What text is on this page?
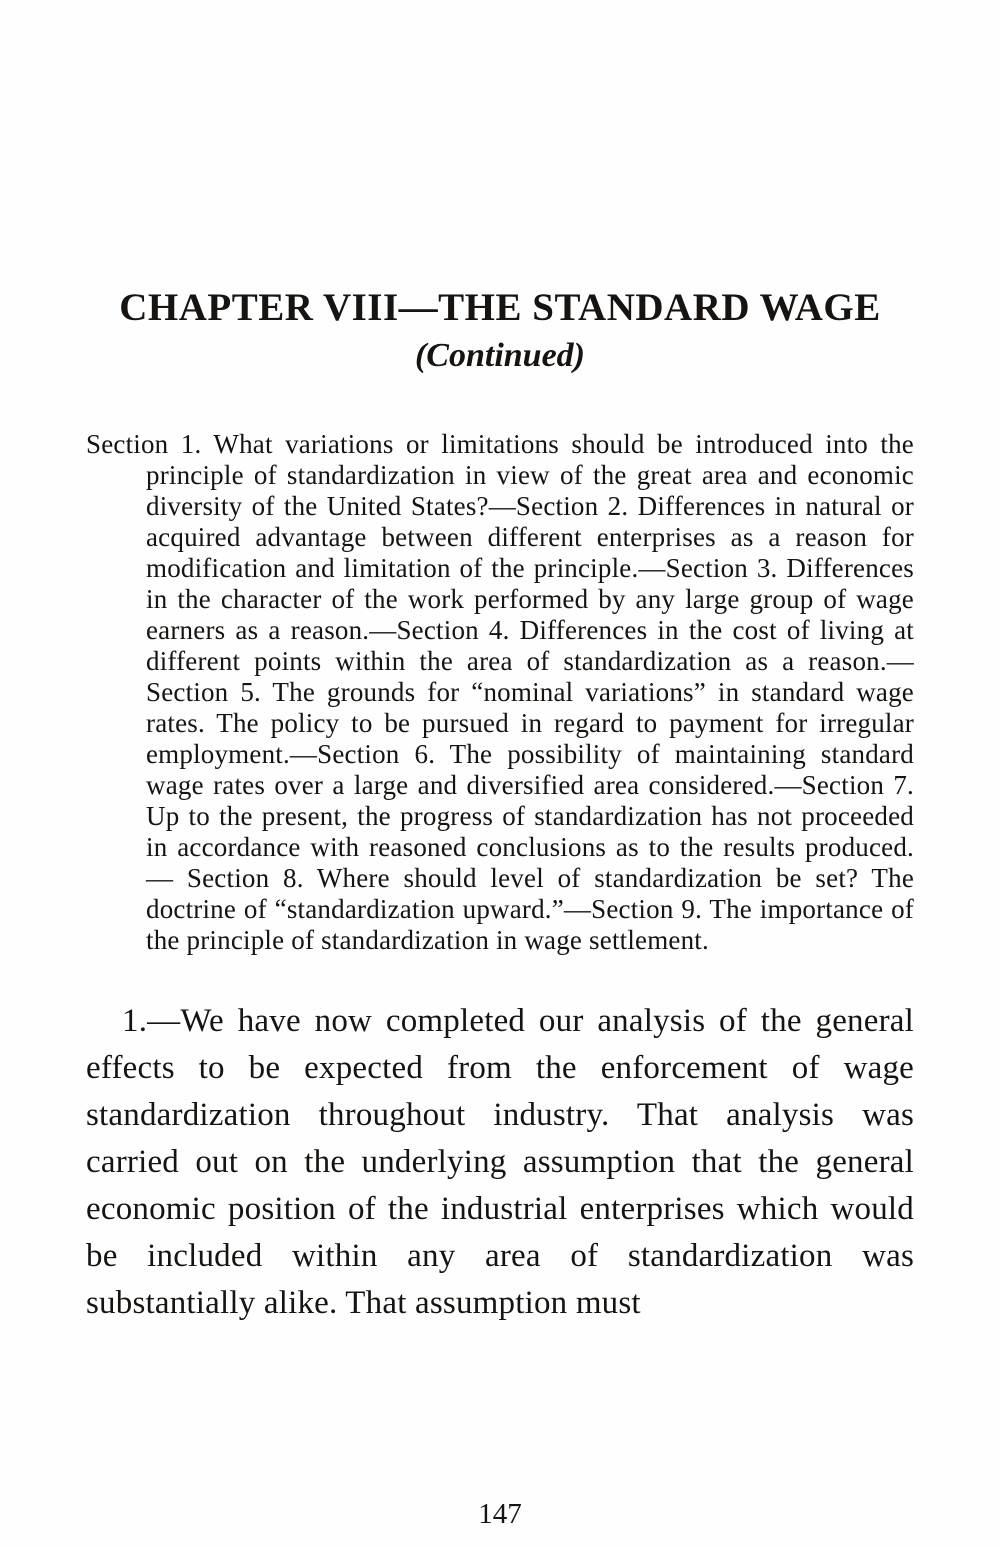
CHAPTER VIII—THE STANDARD WAGE
(Continued)
Section 1. What variations or limitations should be introduced into the principle of standardization in view of the great area and economic diversity of the United States?—Section 2. Differences in natural or acquired advantage between different enterprises as a reason for modification and limitation of the principle.—Section 3. Differences in the character of the work performed by any large group of wage earners as a reason.—Section 4. Differences in the cost of living at different points within the area of standardization as a reason.—Section 5. The grounds for “nominal variations” in standard wage rates. The policy to be pursued in regard to payment for irregular employment.—Section 6. The possibility of maintaining standard wage rates over a large and diversified area considered.—Section 7. Up to the present, the progress of standardization has not proceeded in accordance with reasoned conclusions as to the results produced.— Section 8. Where should level of standardization be set? The doctrine of “standardization upward.”—Section 9. The importance of the principle of standardization in wage settlement.

1.—We have now completed our analysis of the general effects to be expected from the enforcement of wage standardization throughout industry. That analysis was carried out on the underlying assumption that the general economic position of the industrial enterprises which would be included within any area of standardization was substantially alike. That assumption must

147
